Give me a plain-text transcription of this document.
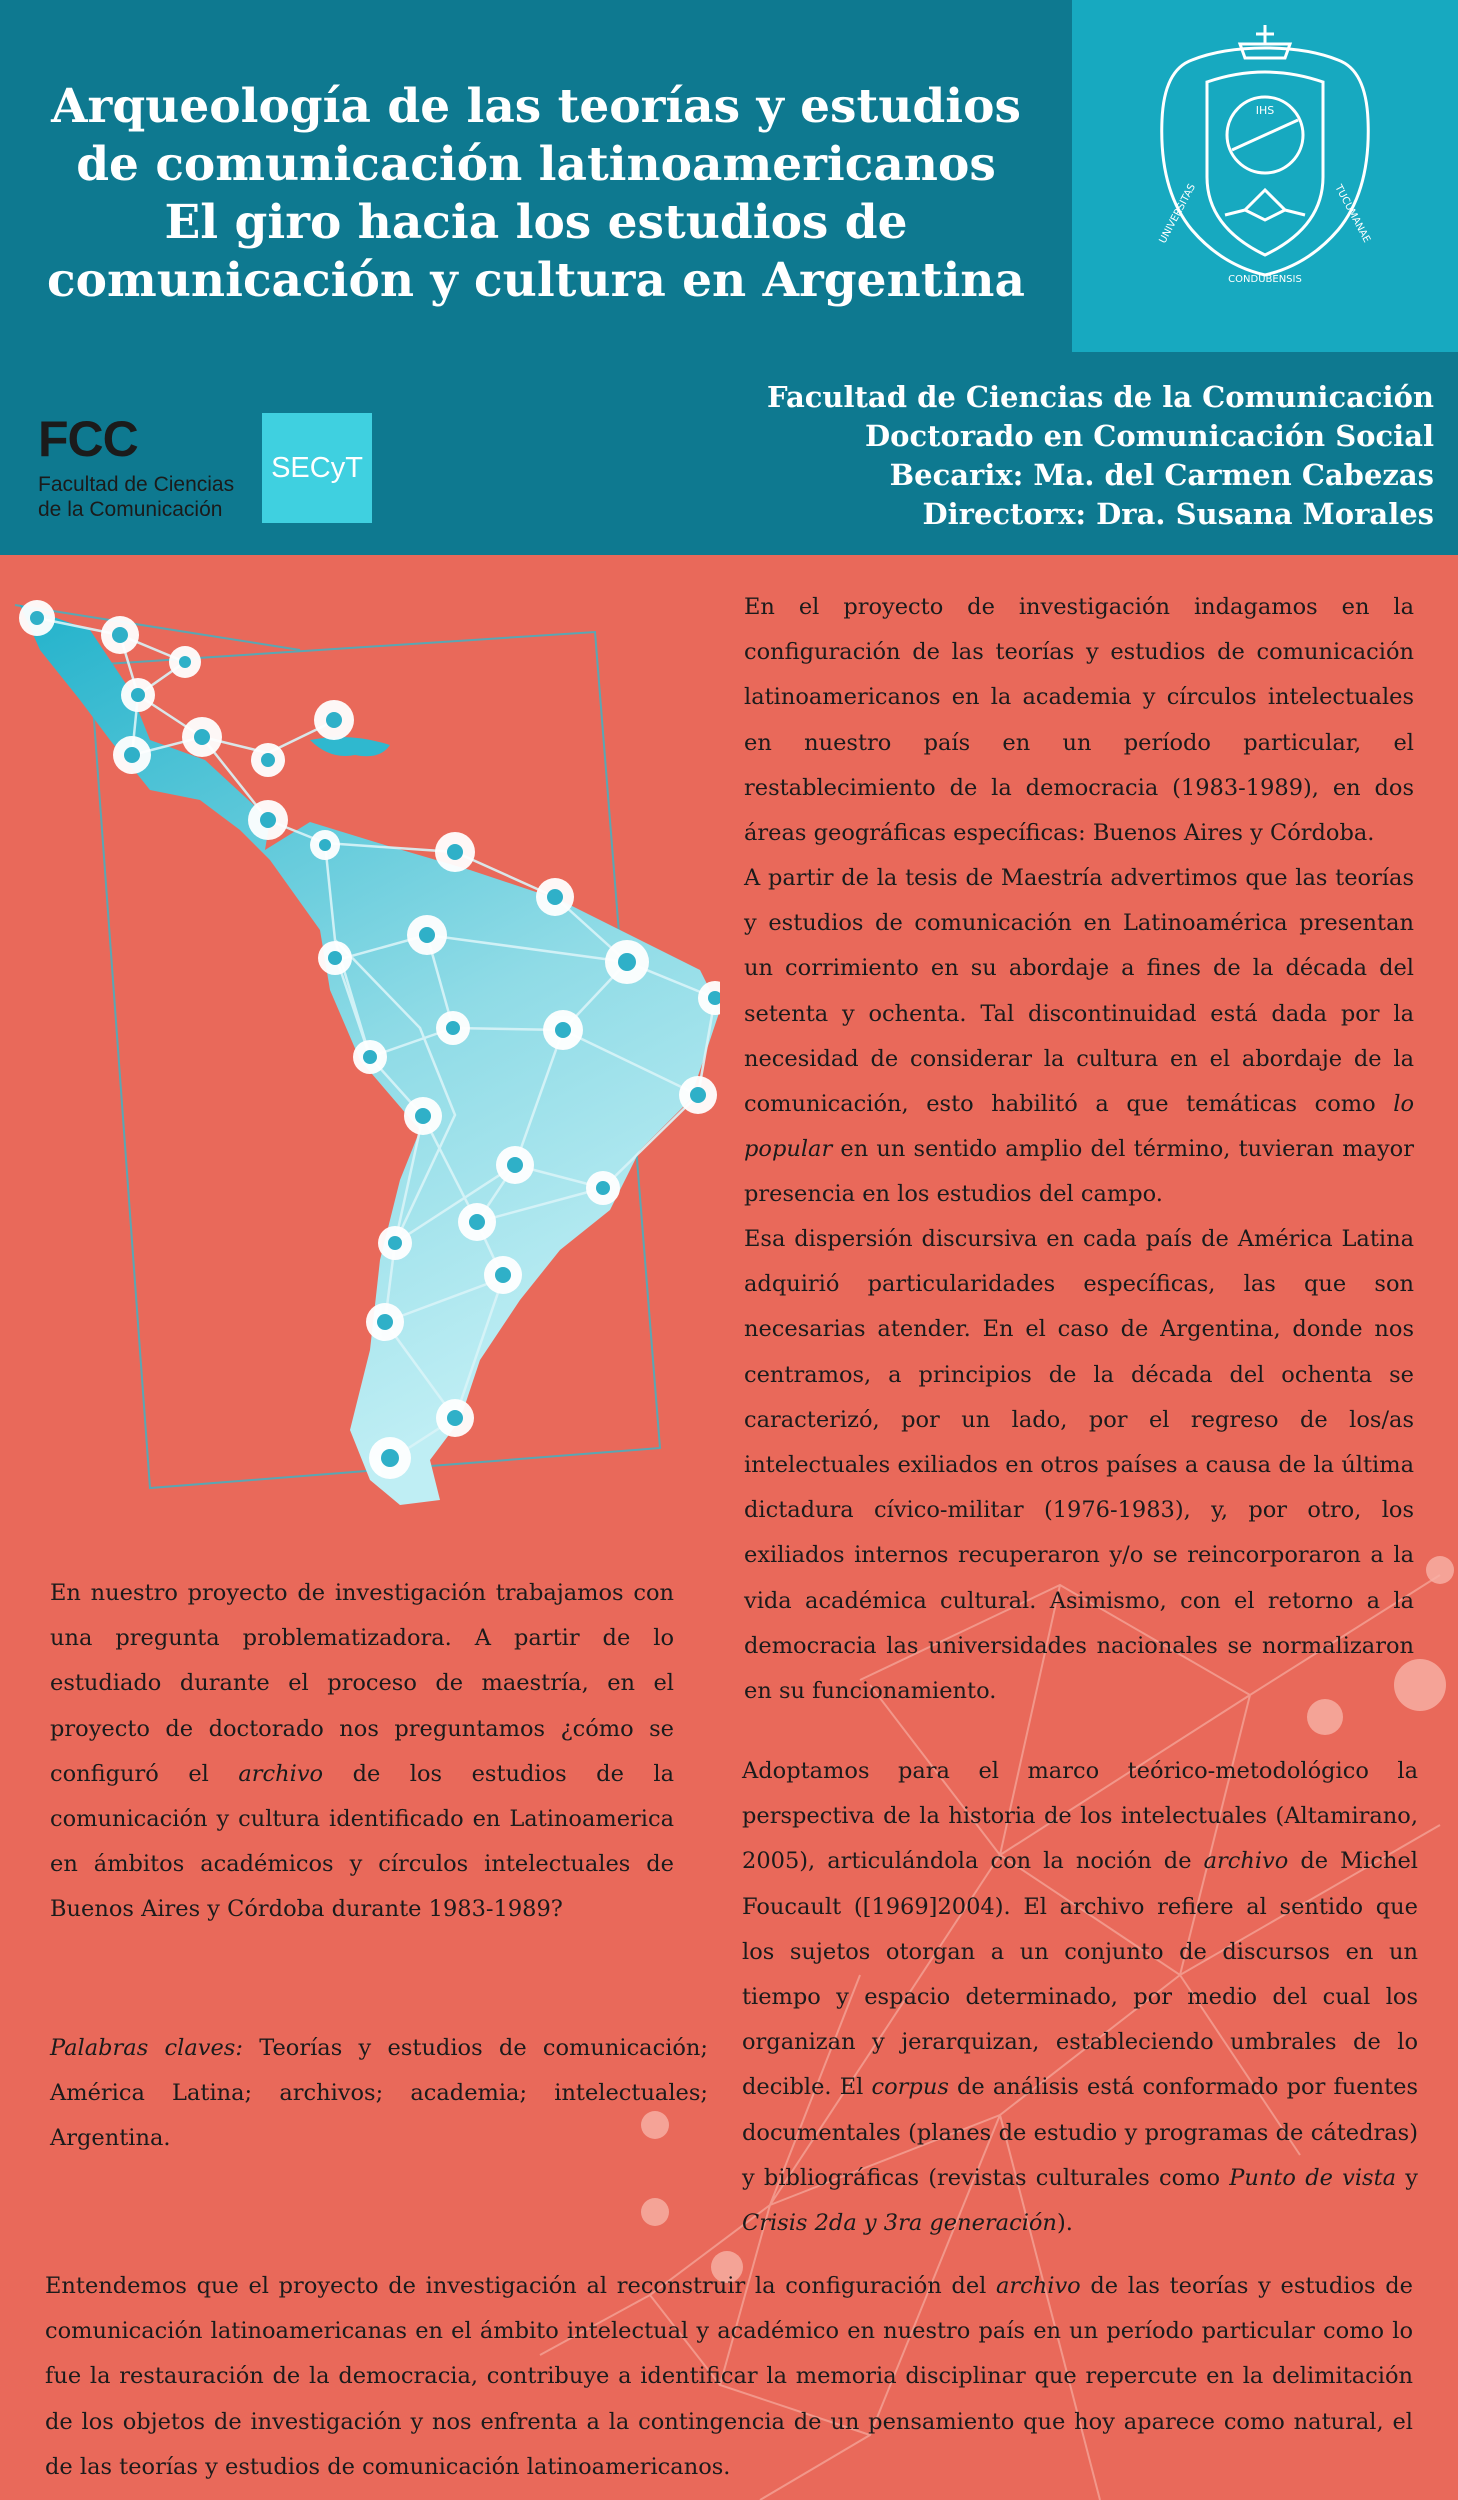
IHS
UNIVERSITAS
CONDUBENSIS
TUCUMANAE
Arqueología de las teorías y estudios
de comunicación latinoamericanos
El giro hacia los estudios de
comunicación y cultura en Argentina
FCC
Facultad de Ciencias
de la Comunicación
SECyT
Facultad de Ciencias de la Comunicación
Doctorado en Comunicación Social
Becarix: Ma. del Carmen Cabezas
Directorx: Dra. Susana Morales

En el proyecto de investigación indagamos en la configuración de las teorías y estudios de comunicación latinoamericanos en la academia y círculos intelectuales en nuestro país en un período particular, el restablecimiento de la democracia (1983-1989), en dos áreas geográficas específicas: Buenos Aires y Córdoba.

A partir de la tesis de Maestría advertimos que las teorías y estudios de comunicación en Latinoamérica presentan un corrimiento en su abordaje a fines de la década del setenta y ochenta. Tal discontinuidad está dada por la necesidad de considerar la cultura en el abordaje de la comunicación, esto habilitó a que temáticas como lo popular en un sentido amplio del término, tuvieran mayor presencia en los estudios del campo.

Esa dispersión discursiva en cada país de América Latina adquirió particularidades específicas, las que son necesarias atender. En el caso de Argentina, donde nos centramos, a principios de la década del ochenta se caracterizó, por un lado, por el regreso de los/as intelectuales exiliados en otros países a causa de la última dictadura cívico-militar (1976-1983), y, por otro, los exiliados internos recuperaron y/o se reincorporaron a la vida académica cultural. Asimismo, con el retorno a la democracia las universidades nacionales se normalizaron en su funcionamiento.

En nuestro proyecto de investigación trabajamos con una pregunta problematizadora. A partir de lo estudiado durante el proceso de maestría, en el proyecto de doctorado nos preguntamos ¿cómo se configuró el archivo de los estudios de la comunicación y cultura identificado en Latinoamerica en ámbitos académicos y círculos intelectuales de Buenos Aires y Córdoba durante 1983-1989?

Palabras claves: Teorías y estudios de comunicación; América Latina; archivos; academia; intelectuales; Argentina.

Adoptamos para el marco teórico-metodológico la perspectiva de la historia de los intelectuales (Altamirano, 2005), articulándola con la noción de archivo de Michel Foucault ([1969]2004). El archivo refiere al sentido que los sujetos otorgan a un conjunto de discursos en un tiempo y espacio determinado, por medio del cual los organizan y jerarquizan, estableciendo umbrales de lo decible. El corpus de análisis está conformado por fuentes documentales (planes de estudio y programas de cátedras) y bibliográficas (revistas culturales como Punto de vista y Crisis 2da y 3ra generación).

Entendemos que el proyecto de investigación al reconstruir la configuración del archivo de las teorías y estudios de comunicación latinoamericanas en el ámbito intelectual y académico en nuestro país en un período particular como lo fue la restauración de la democracia, contribuye a identificar la memoria disciplinar que repercute en la delimitación de los objetos de investigación y nos enfrenta a la contingencia de un pensamiento que hoy aparece como natural, el de las teorías y estudios de comunicación latinoamericanos.
